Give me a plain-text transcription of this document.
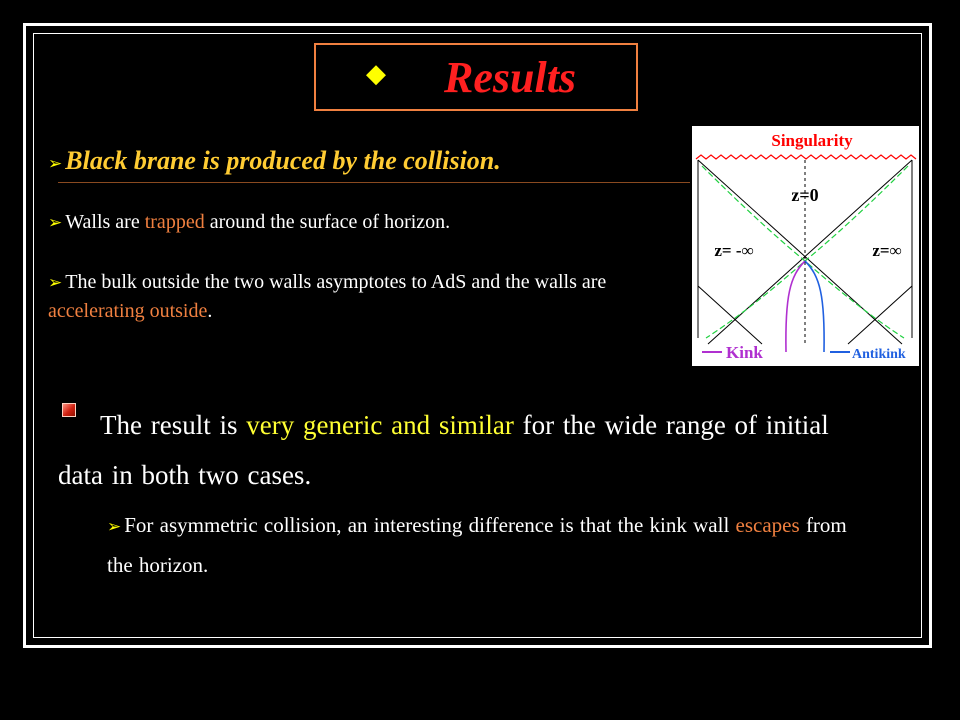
◆ Results
➢ Black brane is produced by the collision.
➢ Walls are trapped around the surface of horizon.
➢ The bulk outside the two walls asymptotes to AdS and the walls are accelerating outside.
Singularity
z=0
z= -∞	z=∞
Kink	Antikink
The result is very generic and similar for the wide range of initial data in both two cases.
➢ For asymmetric collision, an interesting difference is that the kink wall escapes from the horizon.
